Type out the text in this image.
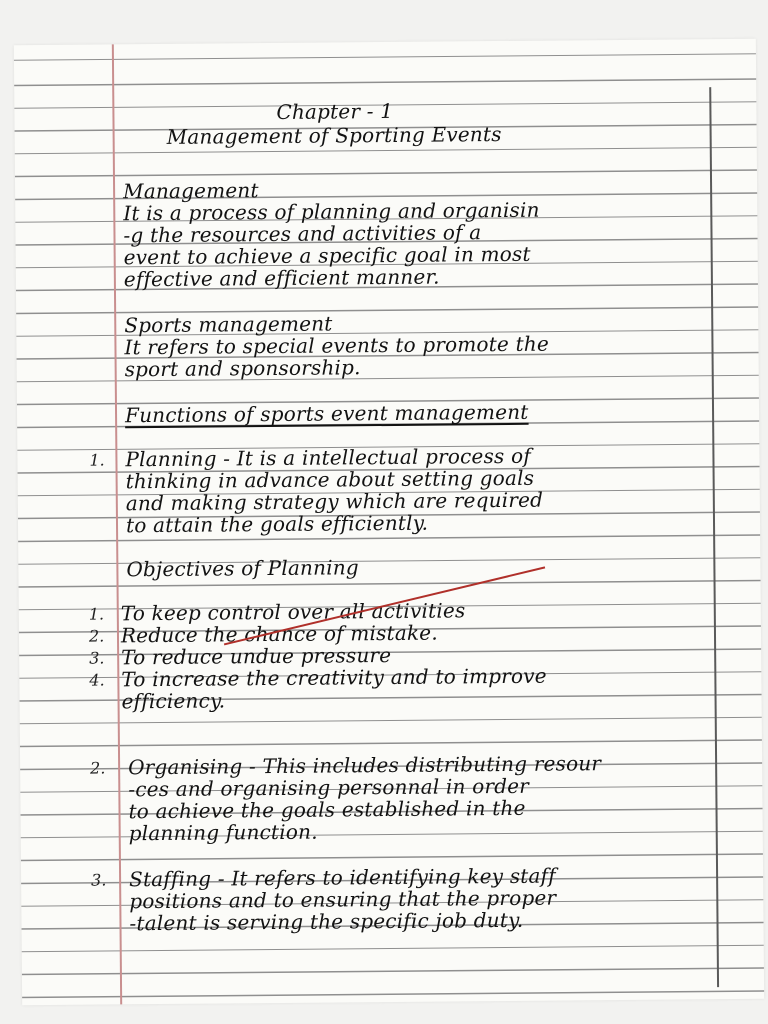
Chapter - 1

Management of Sporting Events

Management

It is a process of planning and organisin

-g the resources and activities of a

event to achieve a specific goal in most

effective and efficient manner.

Sports management

It refers to special events to promote the

sport and sponsorship.

Functions of sports event management

1. Planning - It is a intellectual process of

thinking in advance about setting goals

and making strategy which are required

to attain the goals efficiently.

Objectives of Planning

1. To keep control over all activities

2. Reduce the chance of mistake.

3. To reduce undue pressure

4. To increase the creativity and to improve

efficiency.

2. Organising - This includes distributing resour

-ces and organising personnal in order

to achieve the goals established in the

planning function.

3. Staffing - It refers to identifying key staff

positions and to ensuring that the proper

-talent is serving the specific job duty.
